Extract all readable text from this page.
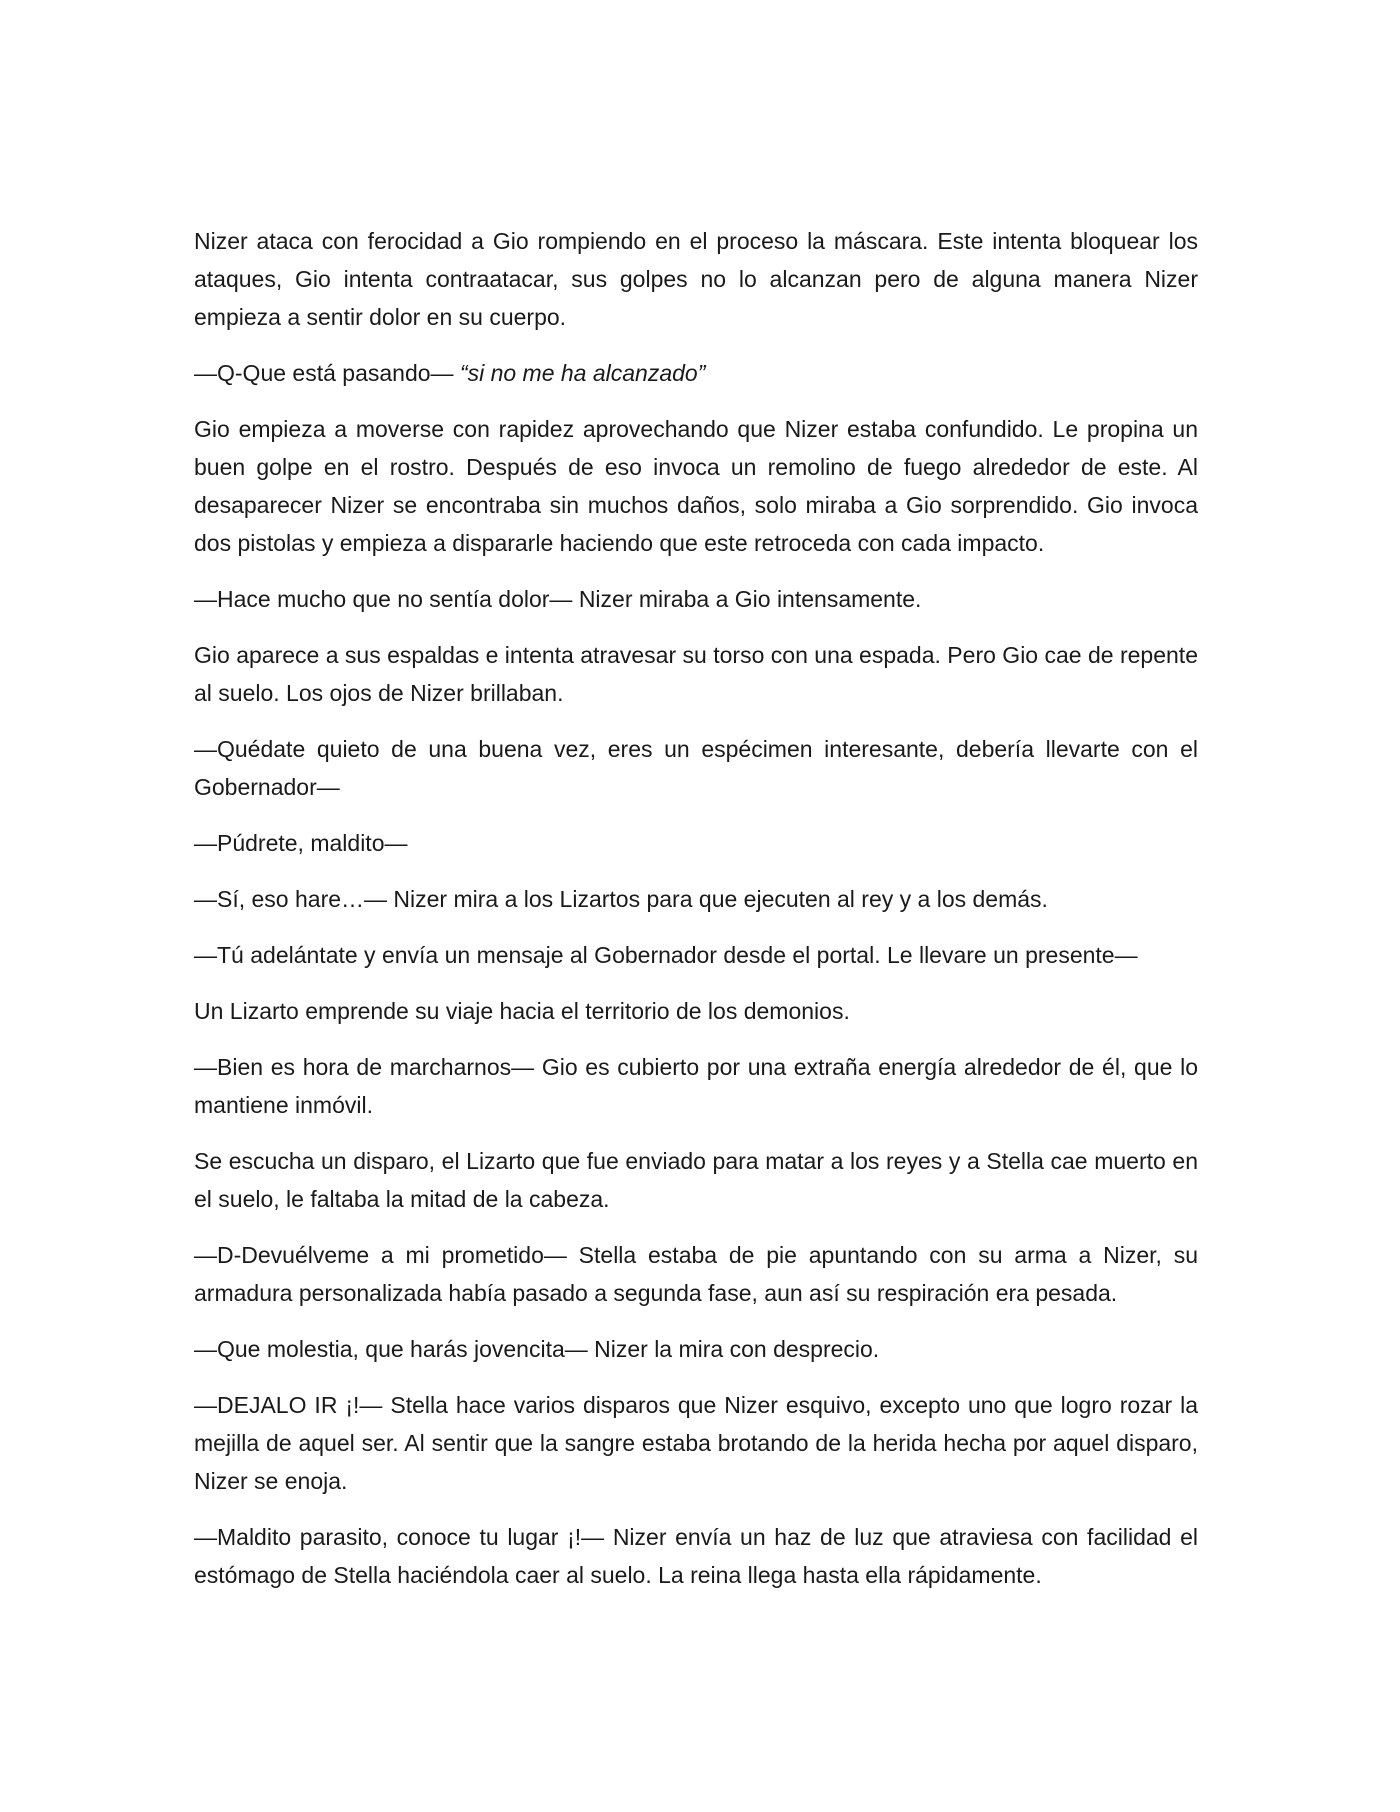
Nizer ataca con ferocidad a Gio rompiendo en el proceso la máscara. Este intenta bloquear los ataques, Gio intenta contraatacar, sus golpes no lo alcanzan pero de alguna manera Nizer empieza a sentir dolor en su cuerpo.

—Q-Que está pasando— “si no me ha alcanzado”

Gio empieza a moverse con rapidez aprovechando que Nizer estaba confundido. Le propina un buen golpe en el rostro. Después de eso invoca un remolino de fuego alrededor de este. Al desaparecer Nizer se encontraba sin muchos daños, solo miraba a Gio sorprendido. Gio invoca dos pistolas y empieza a dispararle haciendo que este retroceda con cada impacto.

—Hace mucho que no sentía dolor— Nizer miraba a Gio intensamente.

Gio aparece a sus espaldas e intenta atravesar su torso con una espada. Pero Gio cae de repente al suelo. Los ojos de Nizer brillaban.

—Quédate quieto de una buena vez, eres un espécimen interesante, debería llevarte con el Gobernador—

—Púdrete, maldito—

—Sí, eso hare…— Nizer mira a los Lizartos para que ejecuten al rey y a los demás.

—Tú adelántate y envía un mensaje al Gobernador desde el portal. Le llevare un presente—

Un Lizarto emprende su viaje hacia el territorio de los demonios.

—Bien es hora de marcharnos— Gio es cubierto por una extraña energía alrededor de él, que lo mantiene inmóvil.

Se escucha un disparo, el Lizarto que fue enviado para matar a los reyes y a Stella cae muerto en el suelo, le faltaba la mitad de la cabeza.

—D-Devuélveme a mi prometido— Stella estaba de pie apuntando con su arma a Nizer, su armadura personalizada había pasado a segunda fase, aun así su respiración era pesada.

—Que molestia, que harás jovencita— Nizer la mira con desprecio.

—DEJALO IR ¡!— Stella hace varios disparos que Nizer esquivo, excepto uno que logro rozar la mejilla de aquel ser. Al sentir que la sangre estaba brotando de la herida hecha por aquel disparo, Nizer se enoja.

—Maldito parasito, conoce tu lugar ¡!— Nizer envía un haz de luz que atraviesa con facilidad el estómago de Stella haciéndola caer al suelo. La reina llega hasta ella rápidamente.
